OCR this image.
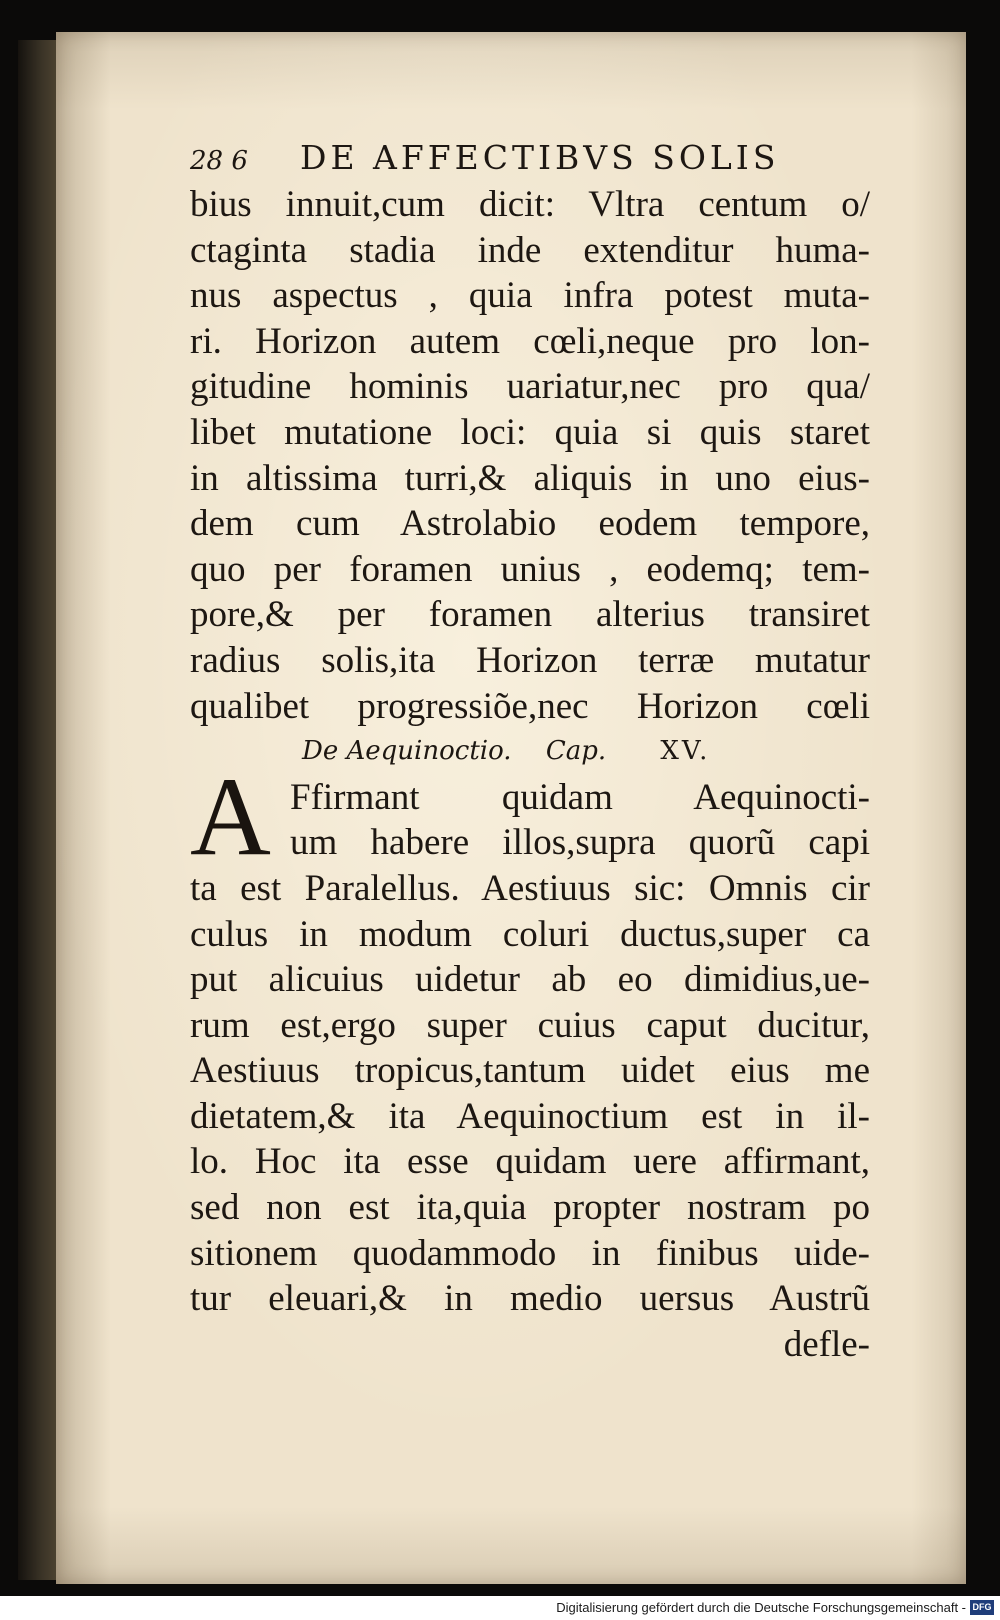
28 6 DE AFFECTIBVS SOLIS
bius innuit,cum dicit: Vltra centum o/
ctaginta stadia inde extenditur huma-
nus aspectus , quia infra potest muta-
ri. Horizon autem cœli,neque pro lon-
gitudine hominis uariatur,nec pro qua/
libet mutatione loci: quia si quis staret
in altissima turri,& aliquis in uno eius-
dem cum Astrolabio eodem tempore,
quo per foramen unius , eodemq; tem-
pore,& per foramen alterius transiret
radius solis,ita Horizon terræ mutatur
qualibet progressiõe,nec Horizon cœli
De Aequinoctio. Cap. XV.
A Ffirmant quidam Aequinocti-
um habere illos,supra quorũ capi
ta est Paralellus. Aestiuus sic: Omnis cir
culus in modum coluri ductus,super ca
put alicuius uidetur ab eo dimidius,ue-
rum est,ergo super cuius caput ducitur,
Aestiuus tropicus,tantum uidet eius me
dietatem,& ita Aequinoctium est in il-
lo. Hoc ita esse quidam uere affirmant,
sed non est ita,quia propter nostram po
sitionem quodammodo in finibus uide-
tur eleuari,& in medio uersus Austrũ
defle-
Digitalisierung gefördert durch die Deutsche Forschungsgemeinschaft - DFG
